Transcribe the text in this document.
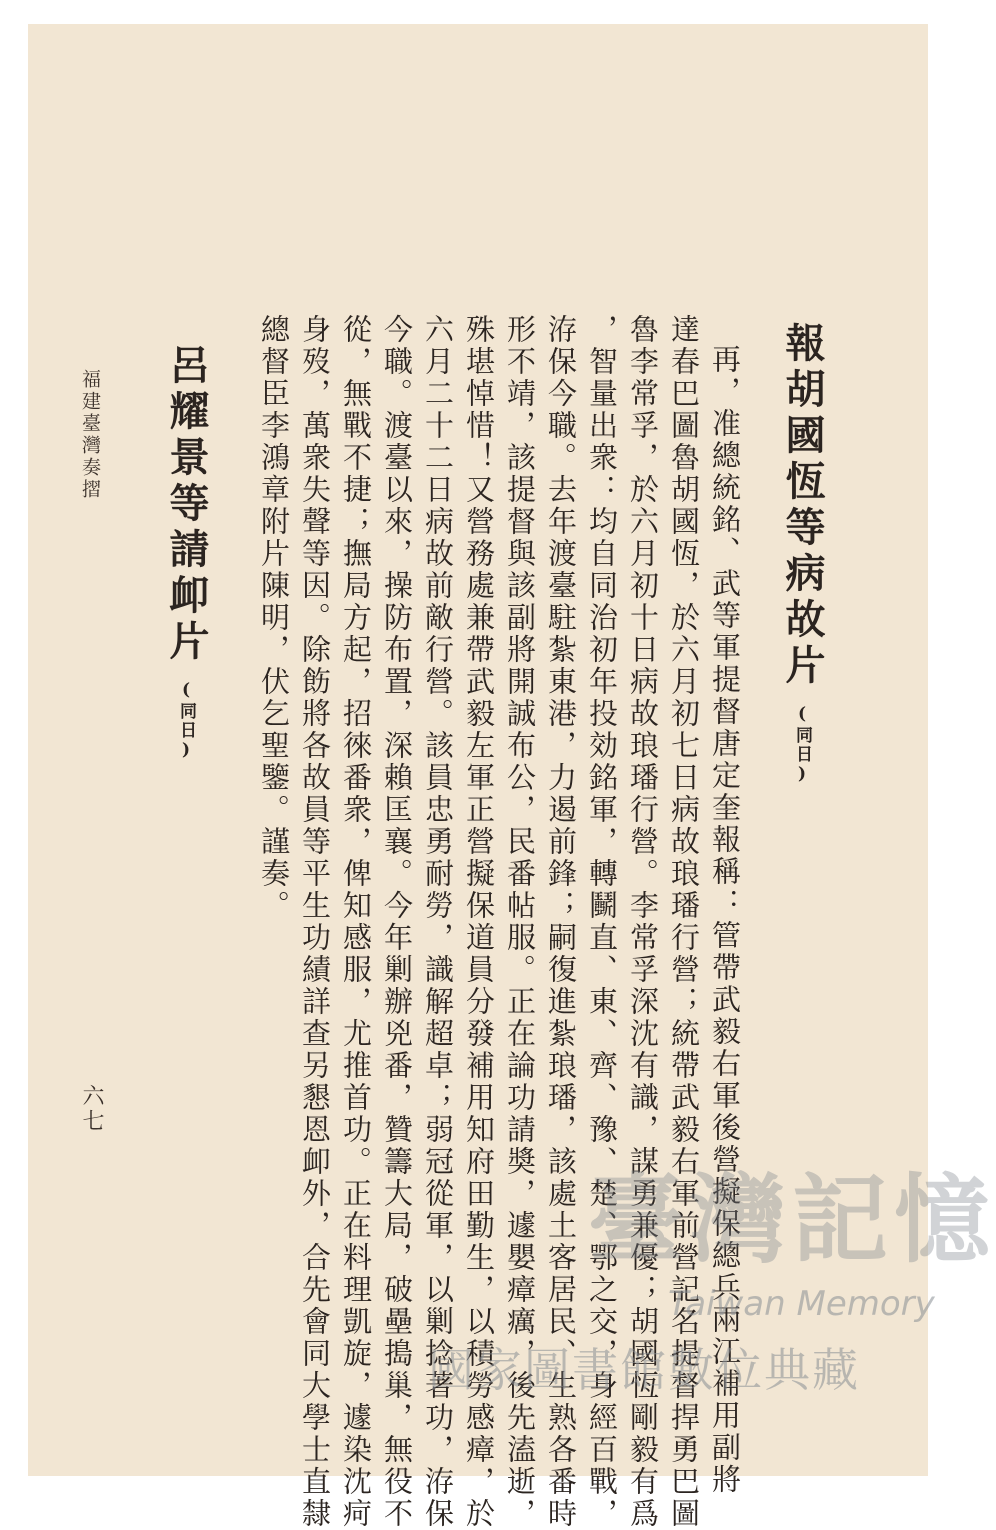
報胡國恆等病故片(同日)
再，准總統銘、武等軍提督唐定奎報稱：管帶武毅右軍後營擬保總兵兩江補用副將
達春巴圖魯胡國恆，於六月初七日病故琅璠行營；統帶武毅右軍前營記名提督捍勇巴圖
魯李常孚，於六月初十日病故琅璠行營。李常孚深沈有識，謀勇兼優；胡國恆剛毅有爲
，智量出衆：均自同治初年投効銘軍，轉鬭直、東、齊、豫、楚、鄂之交，身經百戰，
洊保今職。去年渡臺駐紮東港，力遏前鋒；嗣復進紮琅璠，該處土客居民、生熟各番時
形不靖，該提督與該副將開誠布公，民番帖服。正在論功請奬，遽嬰瘴癘，後先溘逝，
殊堪悼惜！又營務處兼帶武毅左軍正營擬保道員分發補用知府田勤生，以積勞感瘴，於
六月二十二日病故前敵行營。該員忠勇耐勞，識解超卓；弱冠從軍，以剿捻著功，洊保
今職。渡臺以來，操防布置，深賴匡襄。今年剿辦兇番，贊籌大局，破壘搗巢，無役不
從，無戰不捷；撫局方起，招徠番衆，俾知感服，尤推首功。正在料理凱旋，遽染沈疴
身歿，萬衆失聲等因。除飭將各故員等平生功績詳查另懇恩卹外，合先會同大學士直隸
總督臣李鴻章附片陳明，伏乞聖鑒。謹奏。
呂耀景等請卹片(同日)
福建臺灣奏摺
六七
臺灣記憶
Taiwan Memory
國家圖書館數位典藏
